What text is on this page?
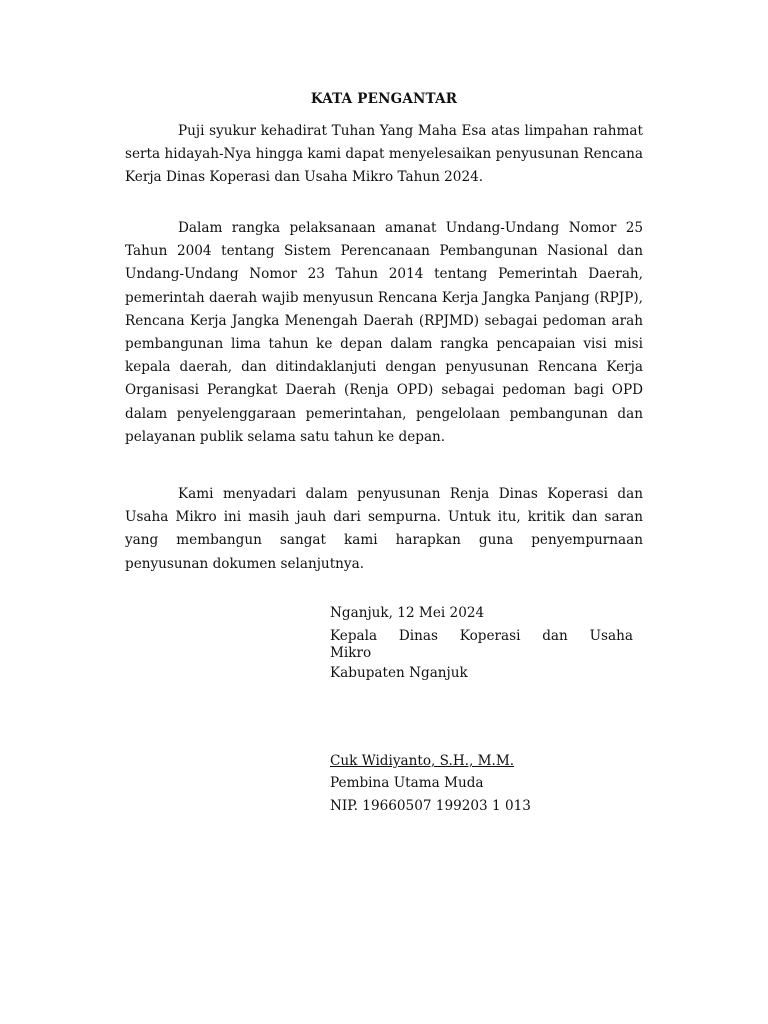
KATA PENGANTAR

Puji syukur kehadirat Tuhan Yang Maha Esa atas limpahan rahmat serta hidayah-Nya hingga kami dapat menyelesaikan penyusunan Rencana Kerja Dinas Koperasi dan Usaha Mikro Tahun 2024.

Dalam rangka pelaksanaan amanat Undang-Undang Nomor 25 Tahun 2004 tentang Sistem Perencanaan Pembangunan Nasional dan Undang-Undang Nomor 23 Tahun 2014 tentang Pemerintah Daerah, pemerintah daerah wajib menyusun Rencana Kerja Jangka Panjang (RPJP), Rencana Kerja Jangka Menengah Daerah (RPJMD) sebagai pedoman arah pembangunan lima tahun ke depan dalam rangka pencapaian visi misi kepala daerah, dan ditindaklanjuti dengan penyusunan Rencana Kerja Organisasi Perangkat Daerah (Renja OPD) sebagai pedoman bagi OPD dalam penyelenggaraan pemerintahan, pengelolaan pembangunan dan pelayanan publik selama satu tahun ke depan.

Kami menyadari dalam penyusunan Renja Dinas Koperasi dan Usaha Mikro ini masih jauh dari sempurna. Untuk itu, kritik dan saran yang membangun sangat kami harapkan guna penyempurnaan penyusunan dokumen selanjutnya.

Nganjuk, 12 Mei 2024
Kepala Dinas Koperasi dan Usaha
Mikro
Kabupaten Nganjuk
Cuk Widiyanto, S.H., M.M.
Pembina Utama Muda
NIP. 19660507 199203 1 013
